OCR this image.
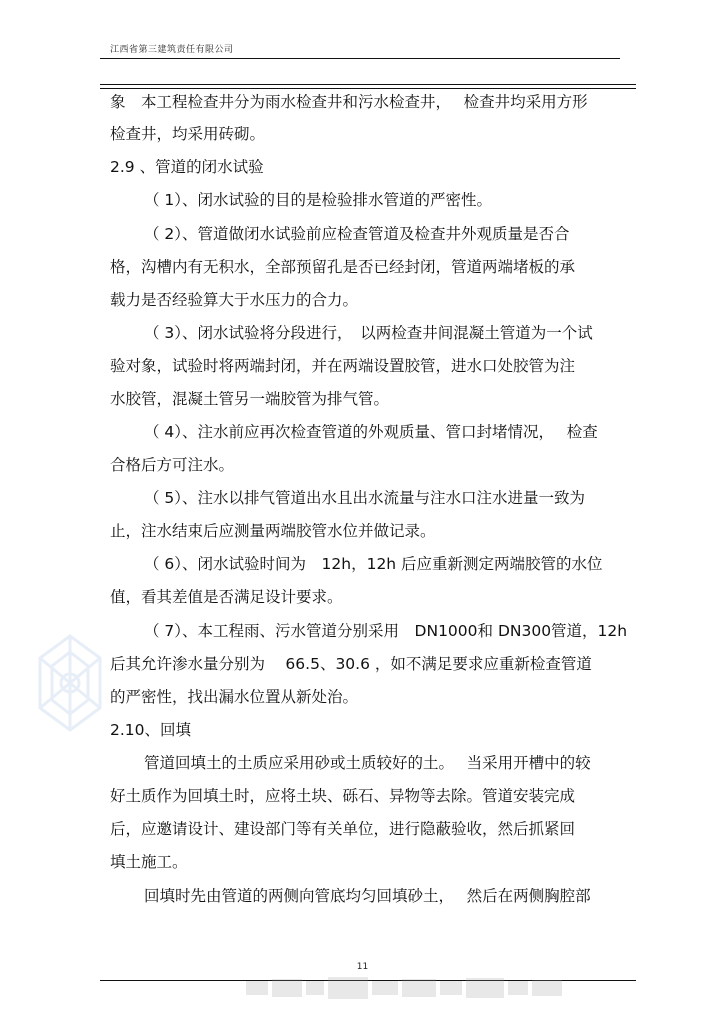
江西省第三建筑责任有限公司
象　本工程检查井分为雨水检查井和污水检查井，　 检查井均采用方形
检查井，均采用砖砌。
2.9 、管道的闭水试验
（ 1）、闭水试验的目的是检验排水管道的严密性。
（ 2）、管道做闭水试验前应检查管道及检查井外观质量是否合
格，沟槽内有无积水，全部预留孔是否已经封闭，管道两端堵板的承
载力是否经验算大于水压力的合力。
（ 3）、闭水试验将分段进行，　以两检查井间混凝土管道为一个试
验对象，试验时将两端封闭，并在两端设置胶管，进水口处胶管为注
水胶管，混凝土管另一端胶管为排气管。
（ 4）、注水前应再次检查管道的外观质量、管口封堵情况，　 检查
合格后方可注水。
（ 5）、注水以排气管道出水且出水流量与注水口注水进量一致为
止，注水结束后应测量两端胶管水位并做记录。
（ 6）、闭水试验时间为　12h，12h 后应重新测定两端胶管的水位
值，看其差值是否满足设计要求。
（ 7）、本工程雨、污水管道分别采用　DN1000和 DN300管道，12h
后其允许渗水量分别为　 66.5、30.6 ，如不满足要求应重新检查管道
的严密性，找出漏水位置从新处治。
2.10、回填
管道回填土的土质应采用砂或土质较好的土。　 当采用开槽中的较
好土质作为回填土时，应将土块、砾石、异物等去除。管道安装完成
后，应邀请设计、建设部门等有关单位，进行隐蔽验收，然后抓紧回
填土施工。
回填时先由管道的两侧向管底均匀回填砂土，　 然后在两侧胸腔部
11
